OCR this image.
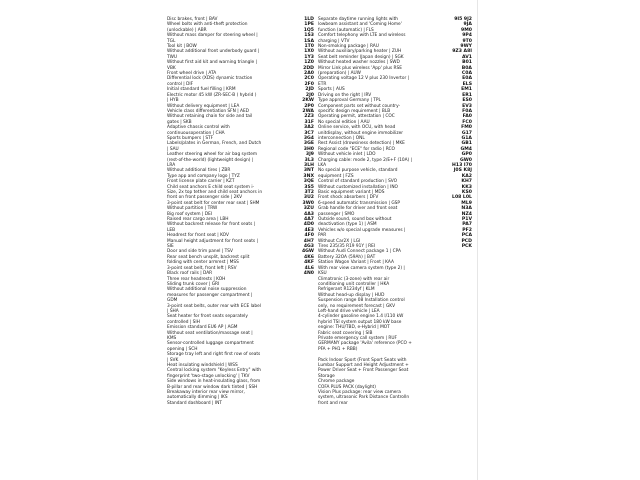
Disc brakes, front | BAV
Wheel bolts with anti-theft protection
(unlockable) | ABR
Without mass damper for steering wheel |
TGL
Tool kit | BOW
Without additional front underbody guard |
TWU
Without first aid kit and warning triangle |
VBK
Front wheel drive | ATA
Differential lock (XDS) dynamic traction
control | DIF
Initial standard fuel filling | KRM
Electric motor 45 kW (ZR-SEC-B ( hybrid )
| HYB
Without delivery equipment | LEA
Vehicle class differentiation SFN | AED
Without retaining chain for side and tail
gates | SKB
Adaptive chassis control with
continuousoperation | CHA
Sports bumpers | STF
Labels/plates in German, French, and Dutch
| SAU
Leather steering wheel for air bag system
(rest-of-the-world) (lightweight design) |
LRA
Without additional tires | ZBR
Type app and company logo | TYZ
Front license plate carrier | KZT
Child seat anchors E child seat system i-
Size, 2x top tether and child seat anchors in
front on front passenger side | 2KV
3-point seat belt for center rear seat | SHM
Without partition | TRW
Big roof system | DEI
Raised rear cargo area | LBH
Without backrest release for front seats |
LEB
Headrest for front seat | KOV
Manual height adjustment for front seats |
SIE
Door and side trim panel | TSV
Rear seat bench unsplit, backrest split
folding with center armrest | MSS
3-point seat belt, front left | RSV
Black roof rails | DAR
Three rear headrests | KOH
Sliding trunk cover | GRI
Without additional noise suppression
measures for passenger compartment |
GDM
3-point seat belts, outer rear with ECE label
| SHA
Seat heater for front seats separately
controlled | SIH
Emission standard EU6 AP | AGM
Without seat ventilation/massage seat |
KMS
Sensor-controlled luggage compartment
opening | SCH
Storage tray left and right first row of seats
| SVK
Heat insulating windshield | WSS
Central locking system "Keyless Entry" with
fingerprint 'two-stage unlocking' | TKV
Side windows in heat-insulating glass, from
B-pillar and rear window dark tinted | SSH
Breakaway interior rear view mirror,
automatically dimming | IKS
Standard dashboard | INT
1LD 1PE 1Q5 1S3 1SA 1T0 1X0 1Y3 1Z0 2DD 2A0 2C0 2F0 2JD 2J0 2KW 2P0 2WA 2Z3 31F 3A2 3C7 3G4 3GE 3H0 3J9 3L3 3LH 3NT 3NX 3QE 3S5 3T2 3U2 3W0 3ZU 4A3 4A7 4D0 4E3 4F0 4H7 4G3 4GW 4K6 4KF 4L6 4N0
Separate daytime running lights with
lowbeam assistant and 'Coming Home'
function (automatic) | FLS
Comfort telephony with LTE and wireless
charging | VTV
Non-smoking package | RAU
Without auxiliary/parking heater | ZUH
Seat belt reminder (Japan design) | SGK
Without heated washer nozzles | SWD
Mirror Link plus wireless 'App' plus RSE
(preparation) | AUW
Operating voltage 12 V plus 230 Invertor |
ETR
Sports | AUS
Driving on the right | IRV
Type approval Germany | TPL
Component parts set without country-
specific design requirement | BLB
Operating permit, attestation | COC
No special edition | AAU
Online service, with OCU, with head
unitdisplay, without engine immobilizer
interconnection | ONL
Rest Assist (drowsiness detection) | MKE
Regional code "ECE" for radio | RCO
Without vehicle inlet | LDO
Charging cable: mode 2, type 2/E+F (10A) |
LKA
No special purpose vehicle, standard
equipment | FZS
Control of standard production | SVO
Without customized installation | INO
Basic equipment variant | MDS
Front shock absorbers | DFV
6-speed automatic transmission | GSP
Grab handle for driver and front seat
passenger | SMO
Outside sound, sound box without
deactivation (type 1) | ASM
Vehicles w/o special upgrade measures |
PAR
Without Car2X | LGI
Tires 235/35 R19 91Y | REI
Without Audi Connect package 1 | CPA
Battery 32OA (59Ah) | BAT
Station Wagon Variant | Front | KAA
With rear view camera system (type 2) |
KSU
Climatronic (3-zone) with rear air
conditioning unit controller | HKA
Refrigerant R1234yf | KLM
Without head-up display | HUD
Suspension range 08 Installation control
only, no requirement forecast | GKV
Left-hand drive vehicle | LEA
4-cylinder gasoline engine 1.4 l/110 kW
hybrid TSI system output 180 kW base
engine: THU/TBD, e-Hybrid | MOT
Fabric seat covering | SIB
Private emergency call system | RUF
GERMANY package 'Avila' reference (PCO +
PFA + PH1 + RBB)

Pack Indoor Sport (Front Sport Seats with
Lumbar Support and Height Adjustment +
Power Driver Seat + Front Passenger Seat
Storage
Chrome package
COFA PLUS PACK (daylight)
Vision Plus package: rear view camera
system, ultrasonic Park Distance Controlln
front and rear
9I5 9J2 9JA 9M0 9P4 9T0 9WY 9Z3 A8I AV1 B01 B0A C0A E0A ELS EM1 ER1 ES0 EV3 F0A FA0 FC0 FM0 G17 G1A GB1 GM4 GP0 GW0 H13 I70 J0S K8J KA2 KH7 KK3 KS0 L08 L0L ML9 N3A NZ4 P1V PA7 PF2 PCA PCD PCK
